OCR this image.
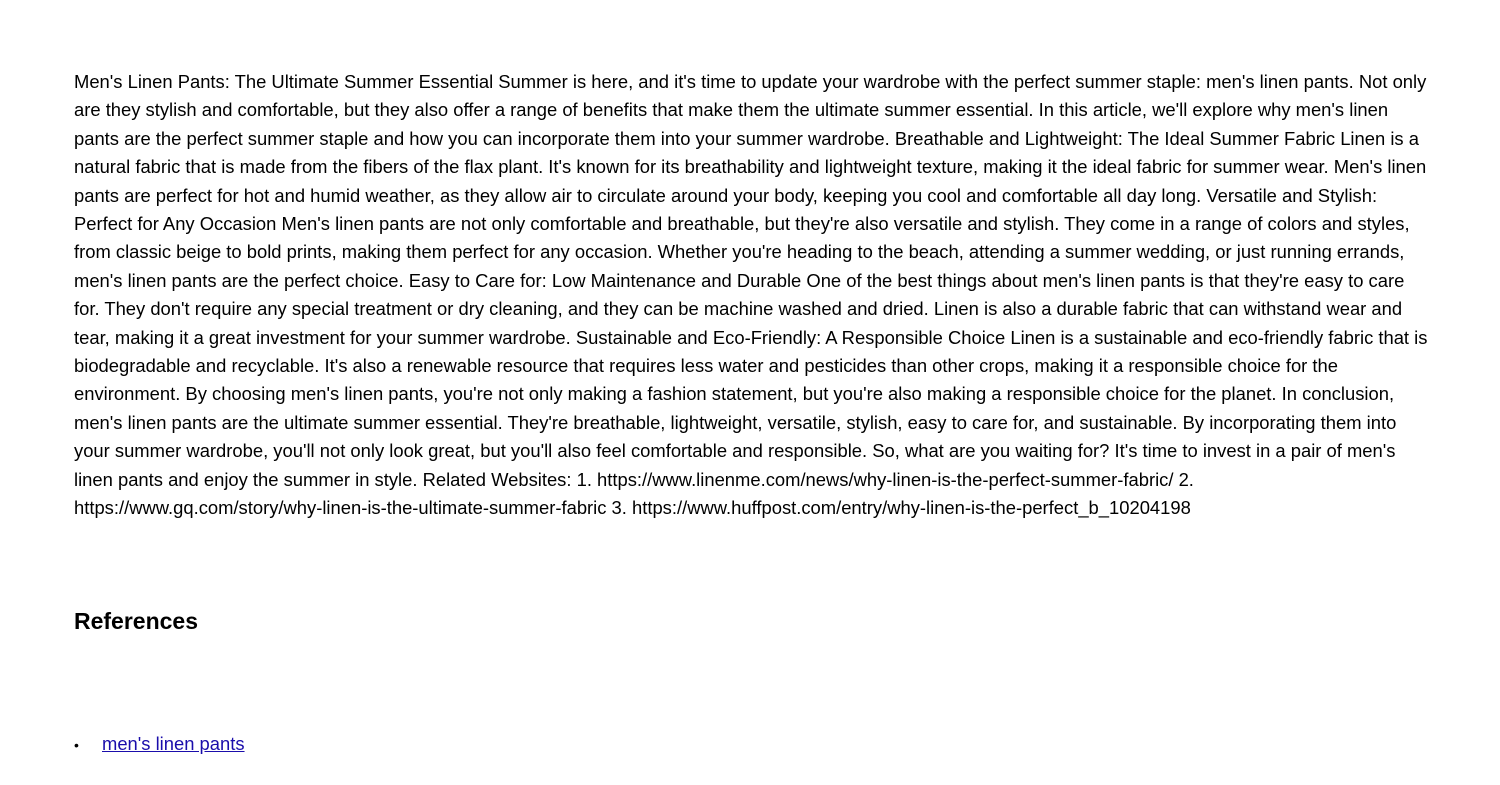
Men's Linen Pants: The Ultimate Summer Essential Summer is here, and it's time to update your wardrobe with the perfect summer staple: men's linen pants. Not only are they stylish and comfortable, but they also offer a range of benefits that make them the ultimate summer essential. In this article, we'll explore why men's linen pants are the perfect summer staple and how you can incorporate them into your summer wardrobe. Breathable and Lightweight: The Ideal Summer Fabric Linen is a natural fabric that is made from the fibers of the flax plant. It's known for its breathability and lightweight texture, making it the ideal fabric for summer wear. Men's linen pants are perfect for hot and humid weather, as they allow air to circulate around your body, keeping you cool and comfortable all day long. Versatile and Stylish: Perfect for Any Occasion Men's linen pants are not only comfortable and breathable, but they're also versatile and stylish. They come in a range of colors and styles, from classic beige to bold prints, making them perfect for any occasion. Whether you're heading to the beach, attending a summer wedding, or just running errands, men's linen pants are the perfect choice. Easy to Care for: Low Maintenance and Durable One of the best things about men's linen pants is that they're easy to care for. They don't require any special treatment or dry cleaning, and they can be machine washed and dried. Linen is also a durable fabric that can withstand wear and tear, making it a great investment for your summer wardrobe. Sustainable and Eco-Friendly: A Responsible Choice Linen is a sustainable and eco-friendly fabric that is biodegradable and recyclable. It's also a renewable resource that requires less water and pesticides than other crops, making it a responsible choice for the environment. By choosing men's linen pants, you're not only making a fashion statement, but you're also making a responsible choice for the planet. In conclusion, men's linen pants are the ultimate summer essential. They're breathable, lightweight, versatile, stylish, easy to care for, and sustainable. By incorporating them into your summer wardrobe, you'll not only look great, but you'll also feel comfortable and responsible. So, what are you waiting for? It's time to invest in a pair of men's linen pants and enjoy the summer in style. Related Websites: 1. https://www.linenme.com/news/why-linen-is-the-perfect-summer-fabric/ 2. https://www.gq.com/story/why-linen-is-the-ultimate-summer-fabric 3. https://www.huffpost.com/entry/why-linen-is-the-perfect_b_10204198

References
•	men's linen pants
